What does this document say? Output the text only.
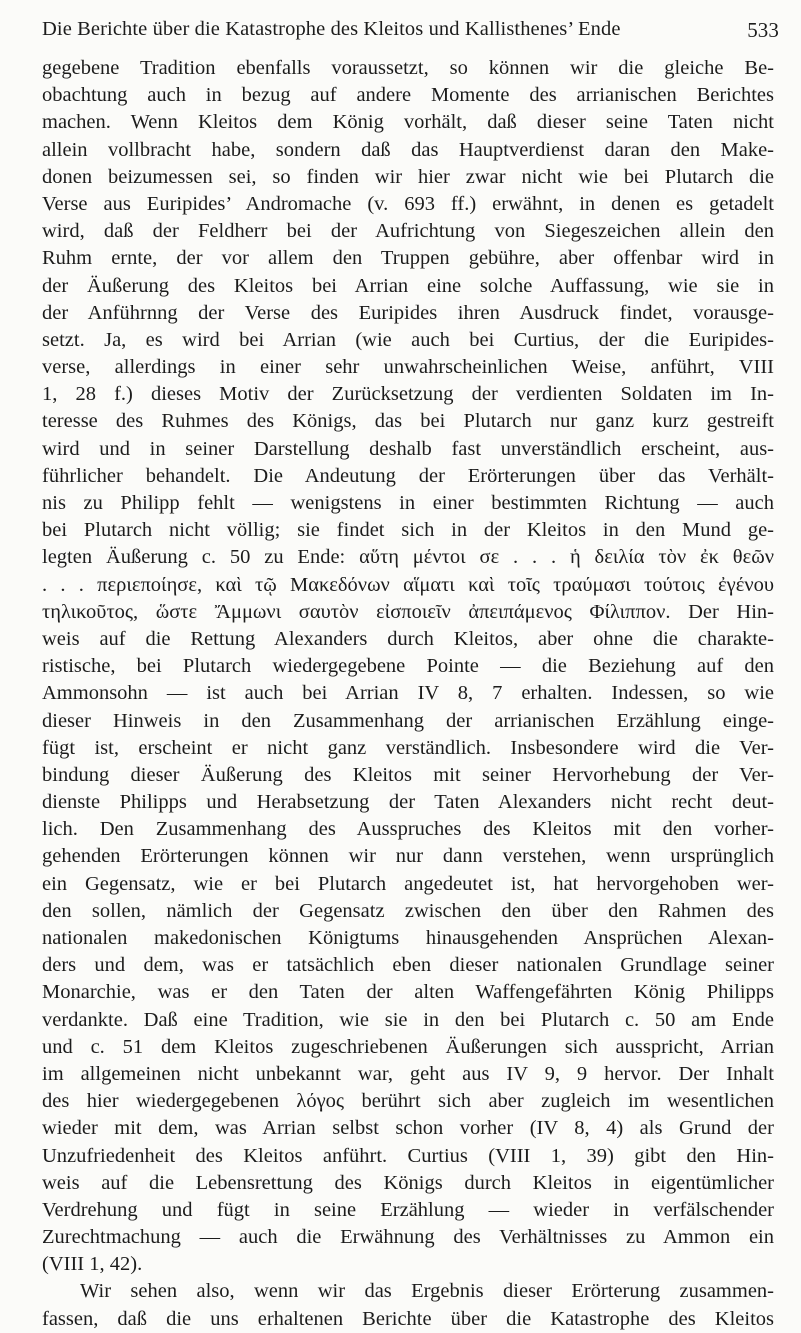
Die Berichte über die Katastrophe des Kleitos und Kallisthenes’ Ende	533
gegebene Tradition ebenfalls voraussetzt, so können wir die gleiche Be-
obachtung auch in bezug auf andere Momente des arrianischen Berichtes
machen. Wenn Kleitos dem König vorhält, daß dieser seine Taten nicht
allein vollbracht habe, sondern daß das Hauptverdienst daran den Make-
donen beizumessen sei, so finden wir hier zwar nicht wie bei Plutarch die
Verse aus Euripides’ Andromache (v. 693 ff.) erwähnt, in denen es getadelt
wird, daß der Feldherr bei der Aufrichtung von Siegeszeichen allein den
Ruhm ernte, der vor allem den Truppen gebühre, aber offenbar wird in
der Äußerung des Kleitos bei Arrian eine solche Auffassung, wie sie in
der Anführnng der Verse des Euripides ihren Ausdruck findet, vorausge-
setzt. Ja, es wird bei Arrian (wie auch bei Curtius, der die Euripides-
verse, allerdings in einer sehr unwahrscheinlichen Weise, anführt, VIII
1, 28 f.) dieses Motiv der Zurücksetzung der verdienten Soldaten im In-
teresse des Ruhmes des Königs, das bei Plutarch nur ganz kurz gestreift
wird und in seiner Darstellung deshalb fast unverständlich erscheint, aus-
führlicher behandelt. Die Andeutung der Erörterungen über das Verhält-
nis zu Philipp fehlt — wenigstens in einer bestimmten Richtung — auch
bei Plutarch nicht völlig; sie findet sich in der Kleitos in den Mund ge-
legten Äußerung c. 50 zu Ende: αὕτη μέντοι σε . . . ἡ δειλία τὸν ἐκ θεῶν
. . . περιεποίησε, καὶ τῷ Μακεδόνων αἵματι καὶ τοῖς τραύμασι τούτοις ἐγένου
τηλικοῦτος, ὥστε Ἄμμωνι σαυτὸν εἰσποιεῖν ἀπειπάμενος Φίλιππον. Der Hin-
weis auf die Rettung Alexanders durch Kleitos, aber ohne die charakte-
ristische, bei Plutarch wiedergegebene Pointe — die Beziehung auf den
Ammonsohn — ist auch bei Arrian IV 8, 7 erhalten. Indessen, so wie
dieser Hinweis in den Zusammenhang der arrianischen Erzählung einge-
fügt ist, erscheint er nicht ganz verständlich. Insbesondere wird die Ver-
bindung dieser Äußerung des Kleitos mit seiner Hervorhebung der Ver-
dienste Philipps und Herabsetzung der Taten Alexanders nicht recht deut-
lich. Den Zusammenhang des Ausspruches des Kleitos mit den vorher-
gehenden Erörterungen können wir nur dann verstehen, wenn ursprünglich
ein Gegensatz, wie er bei Plutarch angedeutet ist, hat hervorgehoben wer-
den sollen, nämlich der Gegensatz zwischen den über den Rahmen des
nationalen makedonischen Königtums hinausgehenden Ansprüchen Alexan-
ders und dem, was er tatsächlich eben dieser nationalen Grundlage seiner
Monarchie, was er den Taten der alten Waffengefährten König Philipps
verdankte. Daß eine Tradition, wie sie in den bei Plutarch c. 50 am Ende
und c. 51 dem Kleitos zugeschriebenen Äußerungen sich ausspricht, Arrian
im allgemeinen nicht unbekannt war, geht aus IV 9, 9 hervor. Der Inhalt
des hier wiedergegebenen λόγος berührt sich aber zugleich im wesentlichen
wieder mit dem, was Arrian selbst schon vorher (IV 8, 4) als Grund der
Unzufriedenheit des Kleitos anführt. Curtius (VIII 1, 39) gibt den Hin-
weis auf die Lebensrettung des Königs durch Kleitos in eigentümlicher
Verdrehung und fügt in seine Erzählung — wieder in verfälschender
Zurechtmachung — auch die Erwähnung des Verhältnisses zu Ammon ein
(VIII 1, 42).
Wir sehen also, wenn wir das Ergebnis dieser Erörterung zusammen-
fassen, daß die uns erhaltenen Berichte über die Katastrophe des Kleitos
